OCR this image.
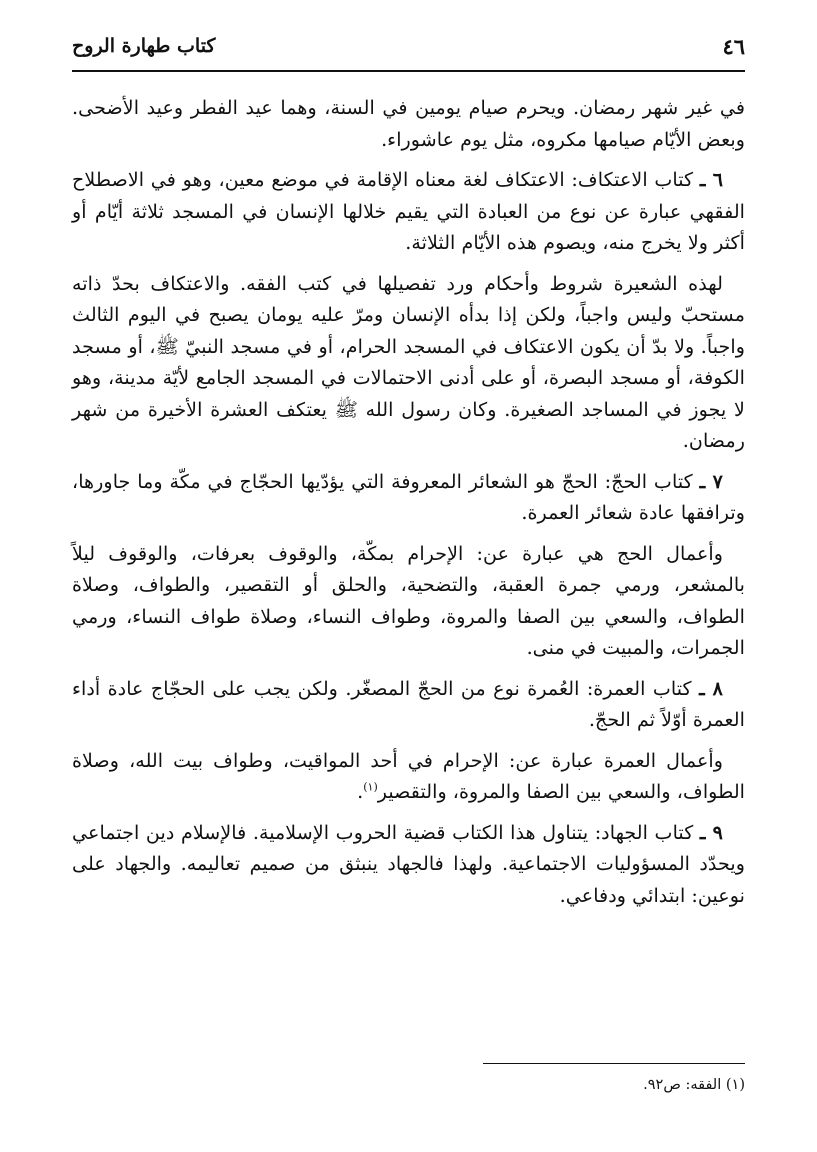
٤٦
كتاب طهارة الروح

في غير شهر رمضان. ويحرم صيام يومين في السنة، وهما عيد الفطر وعيد الأضحى. وبعض الأيّام صيامها مكروه، مثل يوم عاشوراء.

٦ ـ كتاب الاعتكاف: الاعتكاف لغة معناه الإقامة في موضع معين، وهو في الاصطلاح الفقهي عبارة عن نوع من العبادة التي يقيم خلالها الإنسان في المسجد ثلاثة أيّام أو أكثر ولا يخرج منه، ويصوم هذه الأيّام الثلاثة.

لهذه الشعيرة شروط وأحكام ورد تفصيلها في كتب الفقه. والاعتكاف بحدّ ذاته مستحبّ وليس واجباً، ولكن إذا بدأه الإنسان ومرّ عليه يومان يصبح في اليوم الثالث واجباً. ولا بدّ أن يكون الاعتكاف في المسجد الحرام، أو في مسجد النبيّ ﷺ، أو مسجد الكوفة، أو مسجد البصرة، أو على أدنى الاحتمالات في المسجد الجامع لأيّة مدينة، وهو لا يجوز في المساجد الصغيرة. وكان رسول الله ﷺ يعتكف العشرة الأخيرة من شهر رمضان.

٧ ـ كتاب الحجّ: الحجّ هو الشعائر المعروفة التي يؤدّيها الحجّاج في مكّة وما جاورها، وترافقها عادة شعائر العمرة.

وأعمال الحج هي عبارة عن: الإحرام بمكّة، والوقوف بعرفات، والوقوف ليلاً بالمشعر، ورمي جمرة العقبة، والتضحية، والحلق أو التقصير، والطواف، وصلاة الطواف، والسعي بين الصفا والمروة، وطواف النساء، وصلاة طواف النساء، ورمي الجمرات، والمبيت في منى.

٨ ـ كتاب العمرة: العُمرة نوع من الحجّ المصغّر. ولكن يجب على الحجّاج عادة أداء العمرة أوّلاً ثم الحجّ.

وأعمال العمرة عبارة عن: الإحرام في أحد المواقيت، وطواف بيت الله، وصلاة الطواف، والسعي بين الصفا والمروة، والتقصير$^{(١)}$.

٩ ـ كتاب الجهاد: يتناول هذا الكتاب قضية الحروب الإسلامية. فالإسلام دين اجتماعي ويحدّد المسؤوليات الاجتماعية. ولهذا فالجهاد ينبثق من صميم تعاليمه. والجهاد على نوعين: ابتدائي ودفاعي.

(١) الفقه: ص٩٢.
